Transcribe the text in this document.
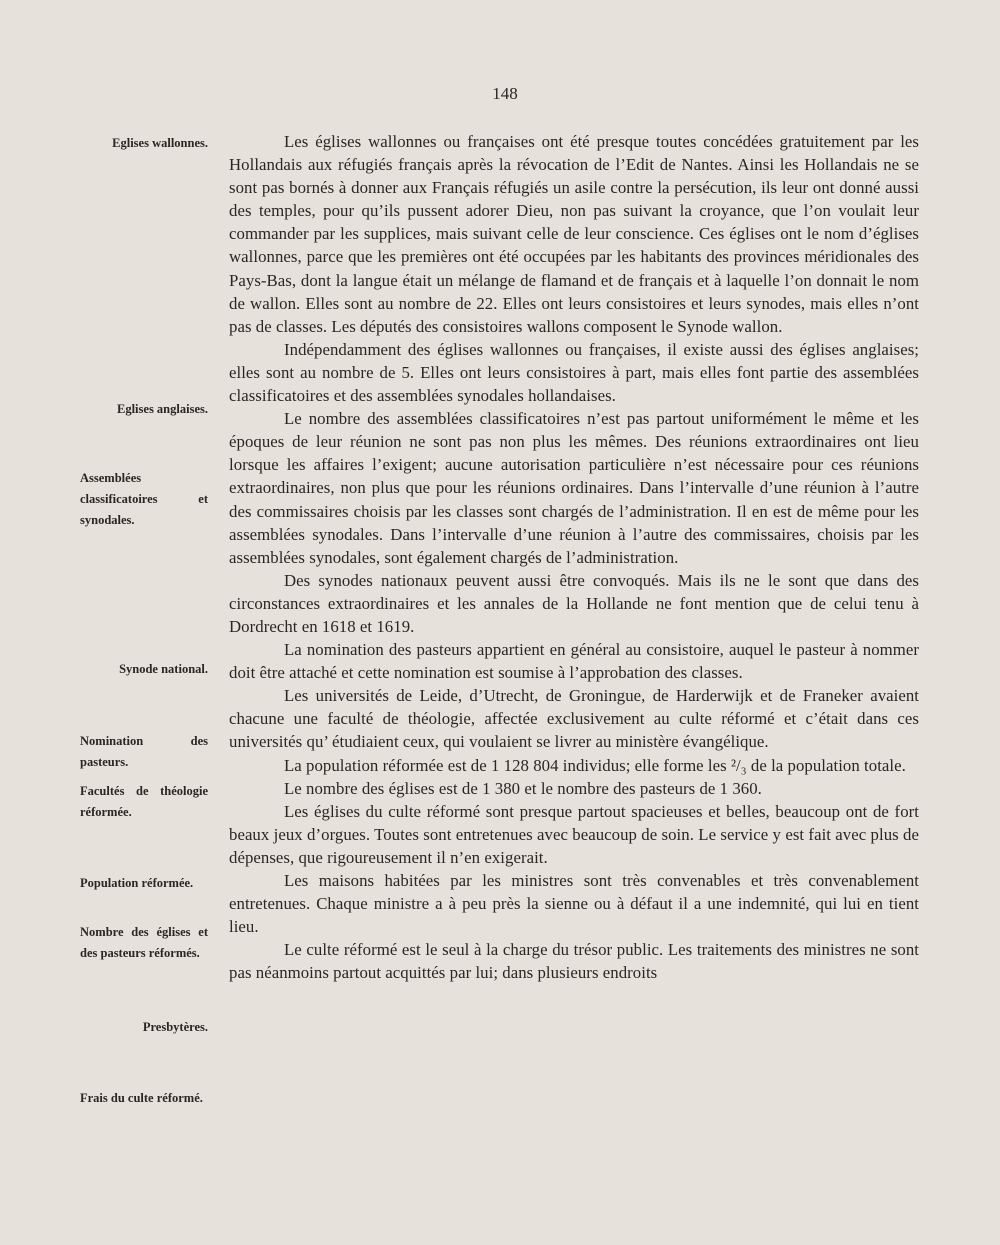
148
Eglises wallonnes.
Eglises anglaises.
Assemblées classificatoires et synodales.
Synode national.
Nomination des pasteurs.
Facultés de théologie réformée.
Population réformée.
Nombre des églises et des pasteurs réformés.
Presbytères.
Frais du culte réformé.

Les églises wallonnes ou françaises ont été presque toutes concédées gratuitement par les Hollandais aux réfugiés français après la révocation de l’Edit de Nantes. Ainsi les Hollandais ne se sont pas bornés à donner aux Français réfugiés un asile contre la persécution, ils leur ont donné aussi des temples, pour qu’ils pussent adorer Dieu, non pas suivant la croyance, que l’on voulait leur commander par les supplices, mais suivant celle de leur conscience. Ces églises ont le nom d’églises wallonnes, parce que les premières ont été occupées par les habitants des provinces méridionales des Pays-Bas, dont la langue était un mélange de flamand et de français et à laquelle l’on donnait le nom de wallon. Elles sont au nombre de 22. Elles ont leurs consistoires et leurs synodes, mais elles n’ont pas de classes. Les députés des consistoires wallons composent le Synode wallon.

Indépendamment des églises wallonnes ou françaises, il existe aussi des églises anglaises; elles sont au nombre de 5. Elles ont leurs consistoires à part, mais elles font partie des assemblées classificatoires et des assemblées synodales hollandaises.

Le nombre des assemblées classificatoires n’est pas partout uniformément le même et les époques de leur réunion ne sont pas non plus les mêmes. Des réunions extraordinaires ont lieu lorsque les affaires l’exigent; aucune autorisation particulière n’est nécessaire pour ces réunions extraordinaires, non plus que pour les réunions ordinaires. Dans l’intervalle d’une réunion à l’autre des commissaires choisis par les classes sont chargés de l’administration. Il en est de même pour les assemblées synodales. Dans l’intervalle d’une réunion à l’autre des commissaires, choisis par les assemblées synodales, sont également chargés de l’administration.

Des synodes nationaux peuvent aussi être convoqués. Mais ils ne le sont que dans des circonstances extraordinaires et les annales de la Hollande ne font mention que de celui tenu à Dordrecht en 1618 et 1619.

La nomination des pasteurs appartient en général au consistoire, auquel le pasteur à nommer doit être attaché et cette nomination est soumise à l’approbation des classes.

Les universités de Leide, d’Utrecht, de Groningue, de Harderwijk et de Franeker avaient chacune une faculté de théologie, affectée exclusivement au culte réformé et c’était dans ces universités qu’ étudiaient ceux, qui voulaient se livrer au ministère évangélique.

La population réformée est de 1 128 804 individus; elle forme les ²/₃ de la population totale.

Le nombre des églises est de 1 380 et le nombre des pasteurs de 1 360.

Les églises du culte réformé sont presque partout spacieuses et belles, beaucoup ont de fort beaux jeux d’orgues. Toutes sont entretenues avec beaucoup de soin. Le service y est fait avec plus de dépenses, que rigoureusement il n’en exigerait.

Les maisons habitées par les ministres sont très convenables et très convenablement entretenues. Chaque ministre a à peu près la sienne ou à défaut il a une indemnité, qui lui en tient lieu.

Le culte réformé est le seul à la charge du trésor public. Les traitements des ministres ne sont pas néanmoins partout acquittés par lui; dans plusieurs endroits
